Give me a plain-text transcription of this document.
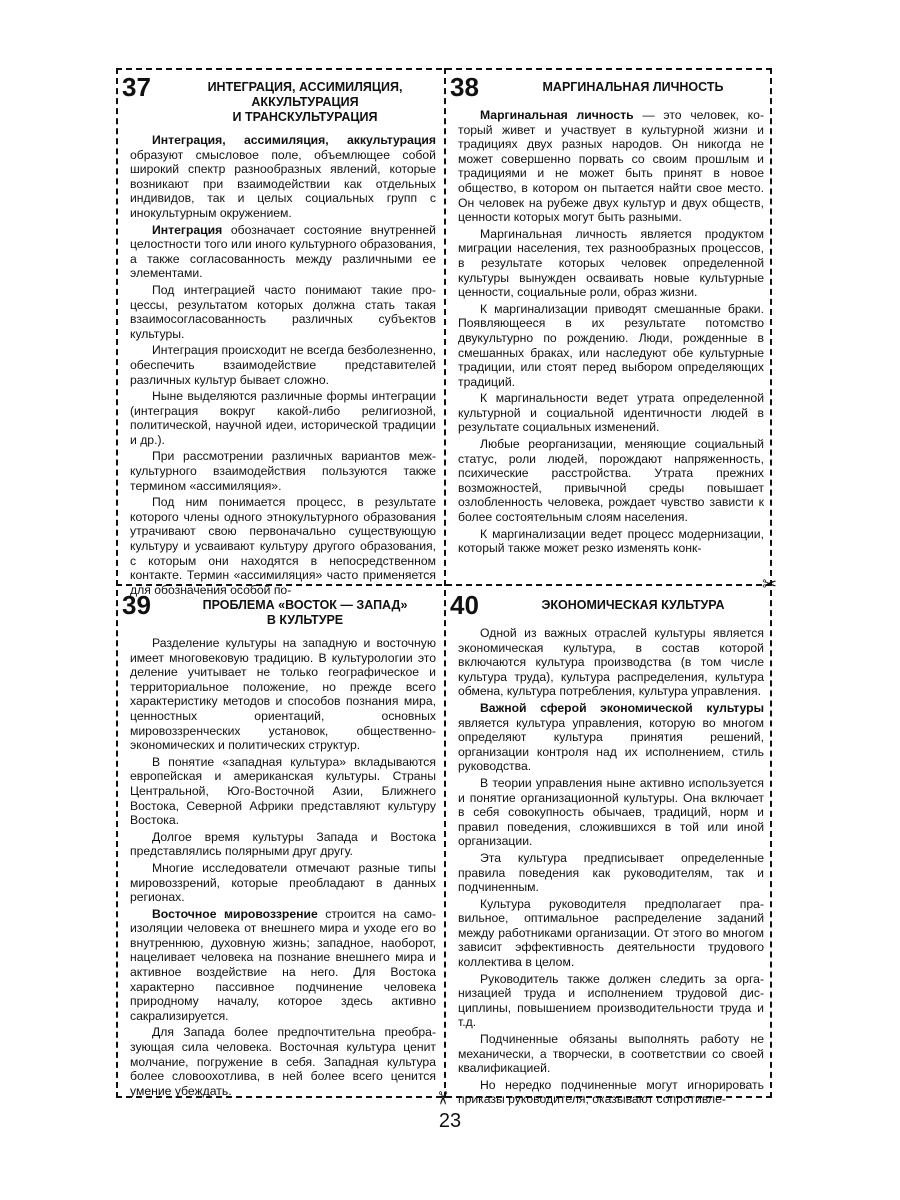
37	ИНТЕГРАЦИЯ, АССИМИЛЯЦИЯ,
АККУЛЬТУРАЦИЯ
И ТРАНСКУЛЬТУРАЦИЯ

Интеграция, ассимиляция, аккультурация образуют смысловое поле, объемлющее собой широкий спектр разнообразных явлений, которые возникают при взаимодействии как отдельных индивидов, так и целых социальных групп с инокультурным окружением.

Интеграция обозначает состояние внутренней целостности того или иного культурного образования, а также согласованность между различными ее элементами.

Под интеграцией часто понимают такие процессы, результатом которых должна стать такая взаимосогласованность различных субъектов культуры.

Интеграция происходит не всегда безболезненно, обеспечить взаимодействие представителей различных культур бывает сложно.

Ныне выделяются различные формы интеграции (интеграция вокруг какой-либо религиозной, политической, научной идеи, исторической традиции и др.).

При рассмотрении различных вариантов межкультурного взаимодействия пользуются также термином «ассимиляция».

Под ним понимается процесс, в результате которого члены одного этнокультурного образования утрачивают свою первоначально существующую культуру и усваивают культуру другого образования, с которым они находятся в непосредственном контакте. Термин «ассимиляция» часто применяется для обозначения особой по-

38	МАРГИНАЛЬНАЯ ЛИЧНОСТЬ

Маргинальная личность — это человек, который живет и участвует в культурной жизни и традициях двух разных народов. Он никогда не может совершенно порвать со своим прошлым и традициями и не может быть принят в новое общество, в котором он пытается найти свое место. Он человек на рубеже двух культур и двух обществ, ценности которых могут быть разными.

Маргинальная личность является продуктом миграции населения, тех разнообразных процессов, в результате которых человек определенной культуры вынужден осваивать новые культурные ценности, социальные роли, образ жизни.

К маргинализации приводят смешанные браки. Появляющееся в их результате потомство двукультурно по рождению. Люди, рожденные в смешанных браках, или наследуют обе культурные традиции, или стоят перед выбором определяющих традиций.

К маргинальности ведет утрата определенной культурной и социальной идентичности людей в результате социальных изменений.

Любые реорганизации, меняющие социальный статус, роли людей, порождают напряженность, психические расстройства. Утрата прежних возможностей, привычной среды повышает озлобленность человека, рождает чувство зависти к более состоятельным слоям населения.

К маргинализации ведет процесс модернизации, который также может резко изменять конк-

39	ПРОБЛЕМА «ВОСТОК — ЗАПАД»
В КУЛЬТУРЕ

Разделение культуры на западную и восточную имеет многовековую традицию. В культурологии это деление учитывает не только географическое и территориальное положение, но прежде всего характеристику методов и способов познания мира, ценностных ориентаций, основных мировоззренческих установок, общественно-экономических и политических структур.

В понятие «западная культура» вкладываются европейская и американская культуры. Страны Центральной, Юго-Восточной Азии, Ближнего Востока, Северной Африки представляют культуру Востока.

Долгое время культуры Запада и Востока представлялись полярными друг другу.

Многие исследователи отмечают разные типы мировоззрений, которые преобладают в данных регионах.

Восточное мировоззрение строится на самоизоляции человека от внешнего мира и уходе его во внутреннюю, духовную жизнь; западное, наоборот, нацеливает человека на познание внешнего мира и активное воздействие на него. Для Востока характерно пассивное подчинение человека природному началу, которое здесь активно сакрализируется.

Для Запада более предпочтительна преобразующая сила человека. Восточная культура ценит молчание, погружение в себя. Западная культура более словоохотлива, в ней более всего ценится умение убеждать.

40	ЭКОНОМИЧЕСКАЯ КУЛЬТУРА

Одной из важных отраслей культуры является экономическая культура, в состав которой включаются культура производства (в том числе культура труда), культура распределения, культура обмена, культура потребления, культура управления.

Важной сферой экономической культуры является культура управления, которую во многом определяют культура принятия решений, организации контроля над их исполнением, стиль руководства.

В теории управления ныне активно используется и понятие организационной культуры. Она включает в себя совокупность обычаев, традиций, норм и правил поведения, сложившихся в той или иной организации.

Эта культура предписывает определенные правила поведения как руководителям, так и подчиненным.

Культура руководителя предполагает правильное, оптимальное распределение заданий между работниками организации. От этого во многом зависит эффективность деятельности трудового коллектива в целом.

Руководитель также должен следить за организацией труда и исполнением трудовой дисциплины, повышением производительности труда и т.д.

Подчиненные обязаны выполнять работу не механически, а творчески, в соответствии со своей квалификацией.

Но нередко подчиненные могут игнорировать приказы руководителя, оказывают сопротивле-

✂
✂
23
